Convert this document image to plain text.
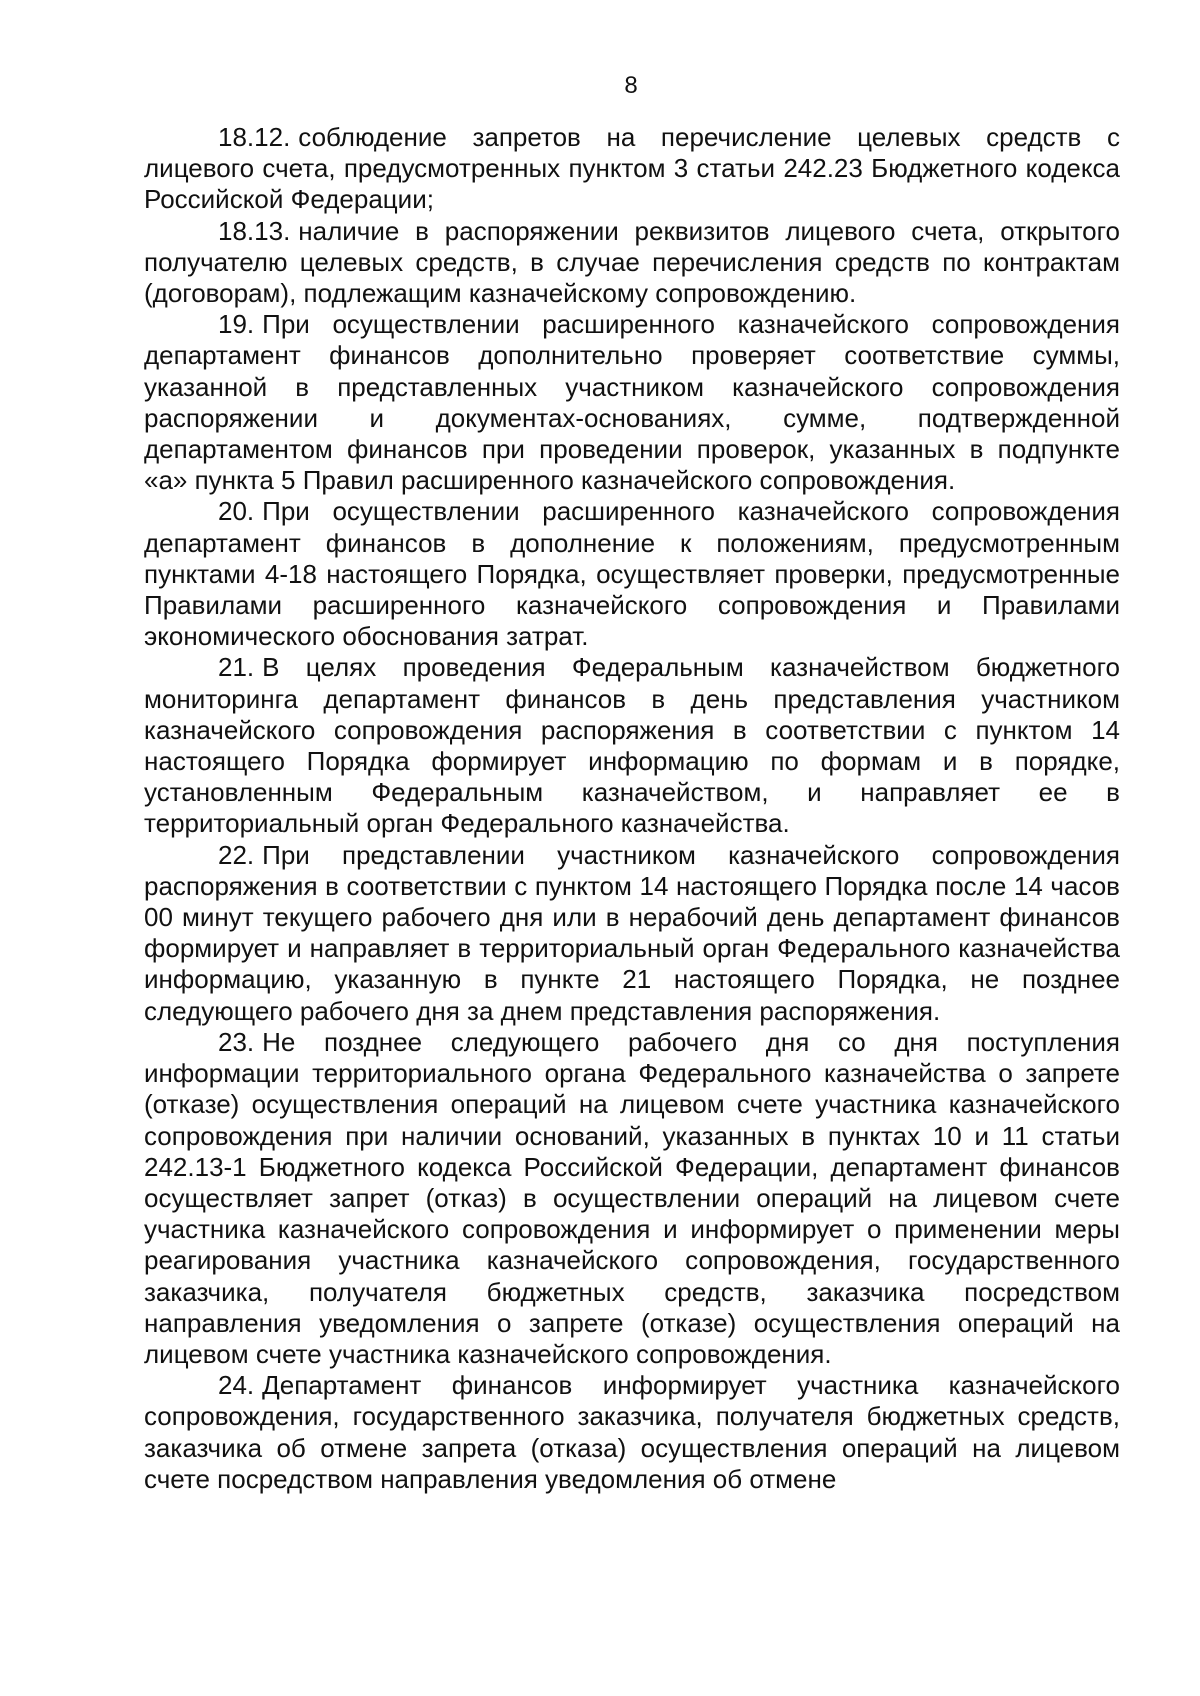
8

18.12. соблюдение запретов на перечисление целевых средств с лицевого счета, предусмотренных пунктом 3 статьи 242.23 Бюджетного кодекса Российской Федерации;

18.13. наличие в распоряжении реквизитов лицевого счета, открытого получателю целевых средств, в случае перечисления средств по контрактам (договорам), подлежащим казначейскому сопровождению.

19. При осуществлении расширенного казначейского сопровождения департамент финансов дополнительно проверяет соответствие суммы, указанной в представленных участником казначейского сопровождения распоряжении и документах-основаниях, сумме, подтвержденной департаментом финансов при проведении проверок, указанных в подпункте «а» пункта 5 Правил расширенного казначейского сопровождения.

20. При осуществлении расширенного казначейского сопровождения департамент финансов в дополнение к положениям, предусмотренным пунктами 4-18 настоящего Порядка, осуществляет проверки, предусмотренные Правилами расширенного казначейского сопровождения и Правилами экономического обоснования затрат.

21. В целях проведения Федеральным казначейством бюджетного мониторинга департамент финансов в день представления участником казначейского сопровождения распоряжения в соответствии с пунктом 14 настоящего Порядка формирует информацию по формам и в порядке, установленным Федеральным казначейством, и направляет ее в территориальный орган Федерального казначейства.

22. При представлении участником казначейского сопровождения распоряжения в соответствии с пунктом 14 настоящего Порядка после 14 часов 00 минут текущего рабочего дня или в нерабочий день департамент финансов формирует и направляет в территориальный орган Федерального казначейства информацию, указанную в пункте 21 настоящего Порядка, не позднее следующего рабочего дня за днем представления распоряжения.

23. Не позднее следующего рабочего дня со дня поступления информации территориального органа Федерального казначейства о запрете (отказе) осуществления операций на лицевом счете участника казначейского сопровождения при наличии оснований, указанных в пунктах 10 и 11 статьи 242.13-1 Бюджетного кодекса Российской Федерации, департамент финансов осуществляет запрет (отказ) в осуществлении операций на лицевом счете участника казначейского сопровождения и информирует о применении меры реагирования участника казначейского сопровождения, государственного заказчика, получателя бюджетных средств, заказчика посредством направления уведомления о запрете (отказе) осуществления операций на лицевом счете участника казначейского сопровождения.

24. Департамент финансов информирует участника казначейского сопровождения, государственного заказчика, получателя бюджетных средств, заказчика об отмене запрета (отказа) осуществления операций на лицевом счете посредством направления уведомления об отмене
